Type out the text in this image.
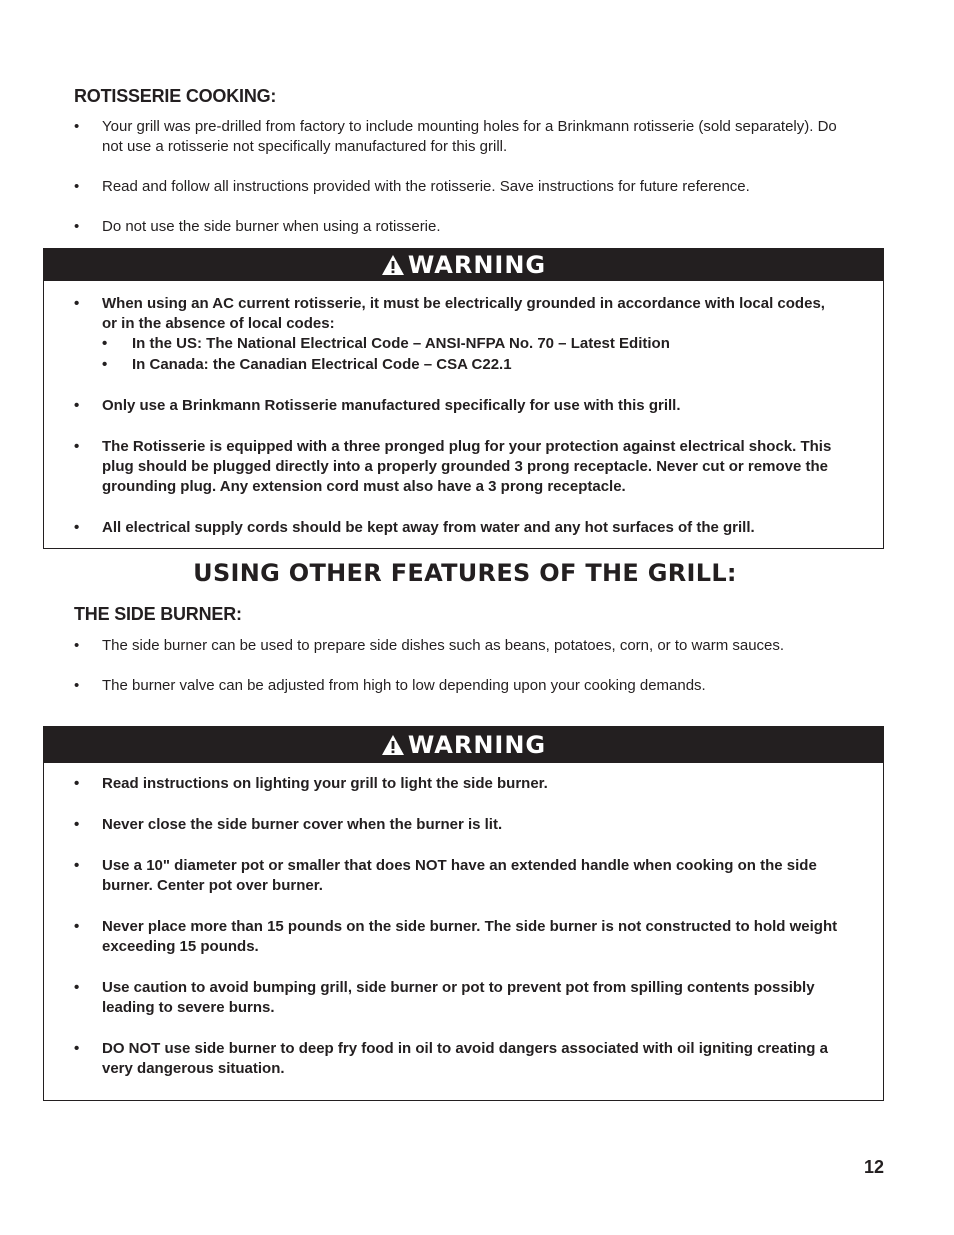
ROTISSERIE COOKING:
• Your grill was pre-drilled from factory to include mounting holes for a Brinkmann rotisserie (sold separately). Do not use a rotisserie not specifically manufactured for this grill.
• Read and follow all instructions provided with the rotisserie. Save instructions for future reference.
• Do not use the side burner when using a rotisserie.
WARNING
• When using an AC current rotisserie, it must be electrically grounded in accordance with local codes, or in the absence of local codes:
• In the US: The National Electrical Code – ANSI-NFPA No. 70 – Latest Edition
• In Canada: the Canadian Electrical Code – CSA C22.1
• Only use a Brinkmann Rotisserie manufactured specifically for use with this grill.
• The Rotisserie is equipped with a three pronged plug for your protection against electrical shock. This plug should be plugged directly into a properly grounded 3 prong receptacle. Never cut or remove the grounding plug. Any extension cord must also have a 3 prong receptacle.
• All electrical supply cords should be kept away from water and any hot surfaces of the grill.
USING OTHER FEATURES OF THE GRILL:
THE SIDE BURNER:
• The side burner can be used to prepare side dishes such as beans, potatoes, corn, or to warm sauces.
• The burner valve can be adjusted from high to low depending upon your cooking demands.
WARNING
• Read instructions on lighting your grill to light the side burner.
• Never close the side burner cover when the burner is lit.
• Use a 10" diameter pot or smaller that does NOT have an extended handle when cooking on the side burner. Center pot over burner.
• Never place more than 15 pounds on the side burner. The side burner is not constructed to hold weight exceeding 15 pounds.
• Use caution to avoid bumping grill, side burner or pot to prevent pot from spilling contents possibly leading to severe burns.
• DO NOT use side burner to deep fry food in oil to avoid dangers associated with oil igniting creating a very dangerous situation.
12
